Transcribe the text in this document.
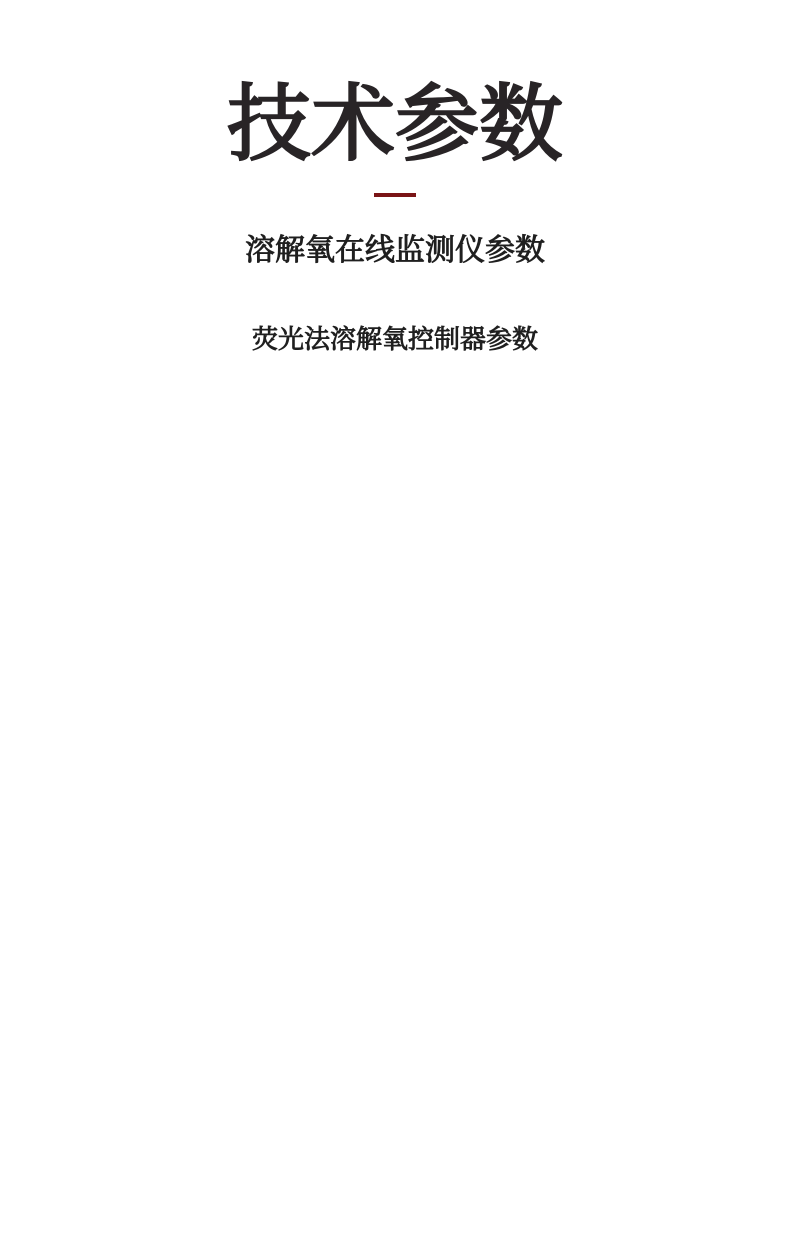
技术参数
溶解氧在线监测仪参数
荧光法溶解氧控制器参数
